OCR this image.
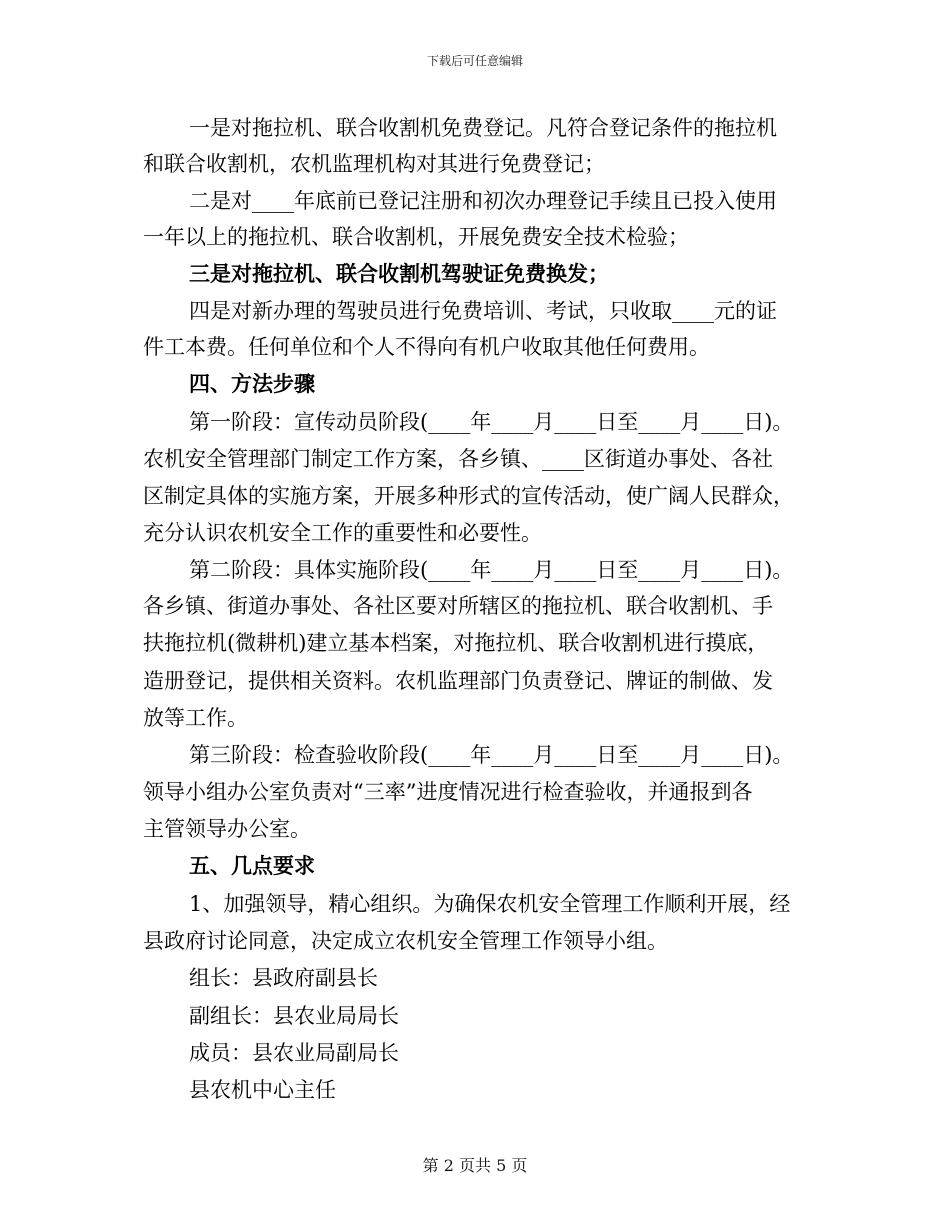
下载后可任意编辑
一是对拖拉机、联合收割机免费登记。凡符合登记条件的拖拉机
和联合收割机，农机监理机构对其进行免费登记；
二是对____年底前已登记注册和初次办理登记手续且已投入使用
一年以上的拖拉机、联合收割机，开展免费安全技术检验；
三是对拖拉机、联合收割机驾驶证免费换发；
四是对新办理的驾驶员进行免费培训、考试，只收取____元的证
件工本费。任何单位和个人不得向有机户收取其他任何费用。
四、方法步骤
第一阶段：宣传动员阶段(____年____月____日至____月____日)。
农机安全管理部门制定工作方案，各乡镇、____区街道办事处、各社
区制定具体的实施方案，开展多种形式的宣传活动，使广阔人民群众，
充分认识农机安全工作的重要性和必要性。
第二阶段：具体实施阶段(____年____月____日至____月____日)。
各乡镇、街道办事处、各社区要对所辖区的拖拉机、联合收割机、手
扶拖拉机(微耕机)建立基本档案，对拖拉机、联合收割机进行摸底，
造册登记，提供相关资料。农机监理部门负责登记、牌证的制做、发
放等工作。
第三阶段：检查验收阶段(____年____月____日至____月____日)。
领导小组办公室负责对“三率”进度情况进行检查验收，并通报到各
主管领导办公室。
五、几点要求
1、加强领导，精心组织。为确保农机安全管理工作顺利开展，经
县政府讨论同意，决定成立农机安全管理工作领导小组。
组长：县政府副县长
副组长：县农业局局长
成员：县农业局副局长
县农机中心主任
第 2 页共 5 页
